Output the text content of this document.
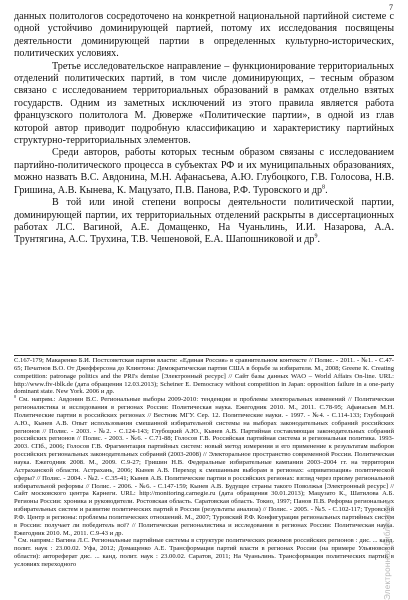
7

данных политологов сосредоточено на конкретной национальной партийной системе с одной устойчиво доминирующей партией, потому их исследования посвящены деятельности доминирующей партии в определенных культурно-исторических, политических условиях.

Третье исследовательское направление – функционирование территориальных отделений политических партий, в том числе доминирующих, – тесным образом связано с исследованием территориальных образований в рамках отдельно взятых государств. Одним из заметных исключений из этого правила является работа французского политолога М. Дюверже «Политические партии», в одной из глав которой автор приводит подробную классификацию и характеристику партийных структурно-территориальных элементов.

Среди авторов, работы которых тесным образом связаны с исследованием партийно-политического процесса в субъектах РФ и их муниципальных образованиях, можно назвать В.С. Авдонина, М.Н. Афанасьева, А.Ю. Глубоцкого, Г.В. Голосова, Н.В. Гришина, А.В. Кынева, К. Мацузато, П.В. Панова, Р.Ф. Туровского и $др^8$.

В той или иной степени вопросы деятельности политической партии, доминирующей партии, их территориальных отделений раскрыты в диссертационных работах Л.С. Вагиной, А.Е. Домащенко, На Чуаньлинь, И.И. Назарова, А.А. Трунтягина, А.С. Трухина, Т.В. Чешеновой, Е.А. Шапошниковой и $др^9$.

С.167-179; Макаренко Б.И. Постсоветская партия власти: «Единая Россия» в сравнительном контексте // Полис. - 2011. - №1. - С.47-65; Печатнов В.О. От Джефферсона до Клинтона: Демократическая партия США в борьбе за избирателя. М., 2008; Greene K. Creating competition: patronage politics and the PRI's demise [Электронный ресурс] // Сайт базы данных WAO – World Affairs On-line. URL: http://www.fiv-iblk.de (дата обращения 12.03.2013); Scheiner E. Democracy without competition in Japan: opposition failure in a one-party dominant state. New York. 2006 и др.

$^8$ См. напрям.: Авдонин В.С. Региональные выборы 2009-2010: тенденции и проблемы электоральных изменений // Политическая регионалистика и исследования в регионах России: Политическая наука. Ежегодник 2010. М., 2011. С.78-95; Афанасьев М.Н. Политические партии в российских регионах // Вестник МГУ. Сер. 12. Политические науки. - 1997. - №4. - С.114-133; Глубоцкий А.Ю., Кынев А.В. Опыт использования смешанной избирательной системы на выборах законодательных собраний российских регионов // Полис. - 2003. - №2. - С.124-143; Глубоцкий А.Ю., Кынев А.В. Партийная составляющая законодательных собраний российских регионов // Полис. - 2003. - №6. - С.71-88; Голосов Г.В. Российская партийная система и региональная политика. 1993-2003. СПб., 2006; Голосов Г.В. Фрагментация партийных систем: новый метод измерения и его применение к результатам выборов российских региональных законодательных собраний (2003-2008) // Электоральное пространство современной России. Политическая наука. Ежегодник 2008. М., 2009. С.9-27; Гришин Н.В. Федеральные избирательные кампании 2003–2004 гг. на территории Астраханской области. Астрахань, 2006; Кынев А.В. Переход к смешанным выборам в регионах: «приватизация» политической сферы? // Полис. - 2004. - №2. - С.35-41; Кынев А.В. Политические партии в российских регионах: взгляд через призму региональной избирательной реформы // Полис. - 2006. - №6. - С.147-159; Кынев А.В. Будущее страны такого Поволжья [Электронный ресурс] // Сайт московского центра Карнеги. URL: http://monitoring.carnegie.ru (дата обращения 30.01.2013); Мацузато К., Шатилова А.Б. Регионы России: хроника и руководители. Ростовская область. Саратовская область. Токио, 1997; Панов П.В. Реформа региональных избирательных систем и развитие политических партий в России (результаты анализа) // Полис. - 2005. - №5. - С.102-117; Туровский Р.Ф. Центр и регионы: проблемы политических отношений. М., 2007; Туровский Р.Ф. Конфигурации региональных партийных систем в России: получает ли победитель всё? // Политическая регионалистика и исследования в регионах России: Политическая наука. Ежегодник 2010. М., 2011. С.9-43 и др.

$^9$ См. напрям.: Вагина Л.С. Региональные партийные системы в структуре политических режимов российских регионов : дис. ... канд. полит. наук : 23.00.02. Уфа, 2012; Домащенко А.Е. Трансформация партий власти в регионах России (на примере Ульяновской области): автореферат дис. ... канд. полит. наук : 23.00.02. Саратов, 2011; На Чуаньлинь. Трансформация политических партий в условиях переходного	Электронная библиотека
